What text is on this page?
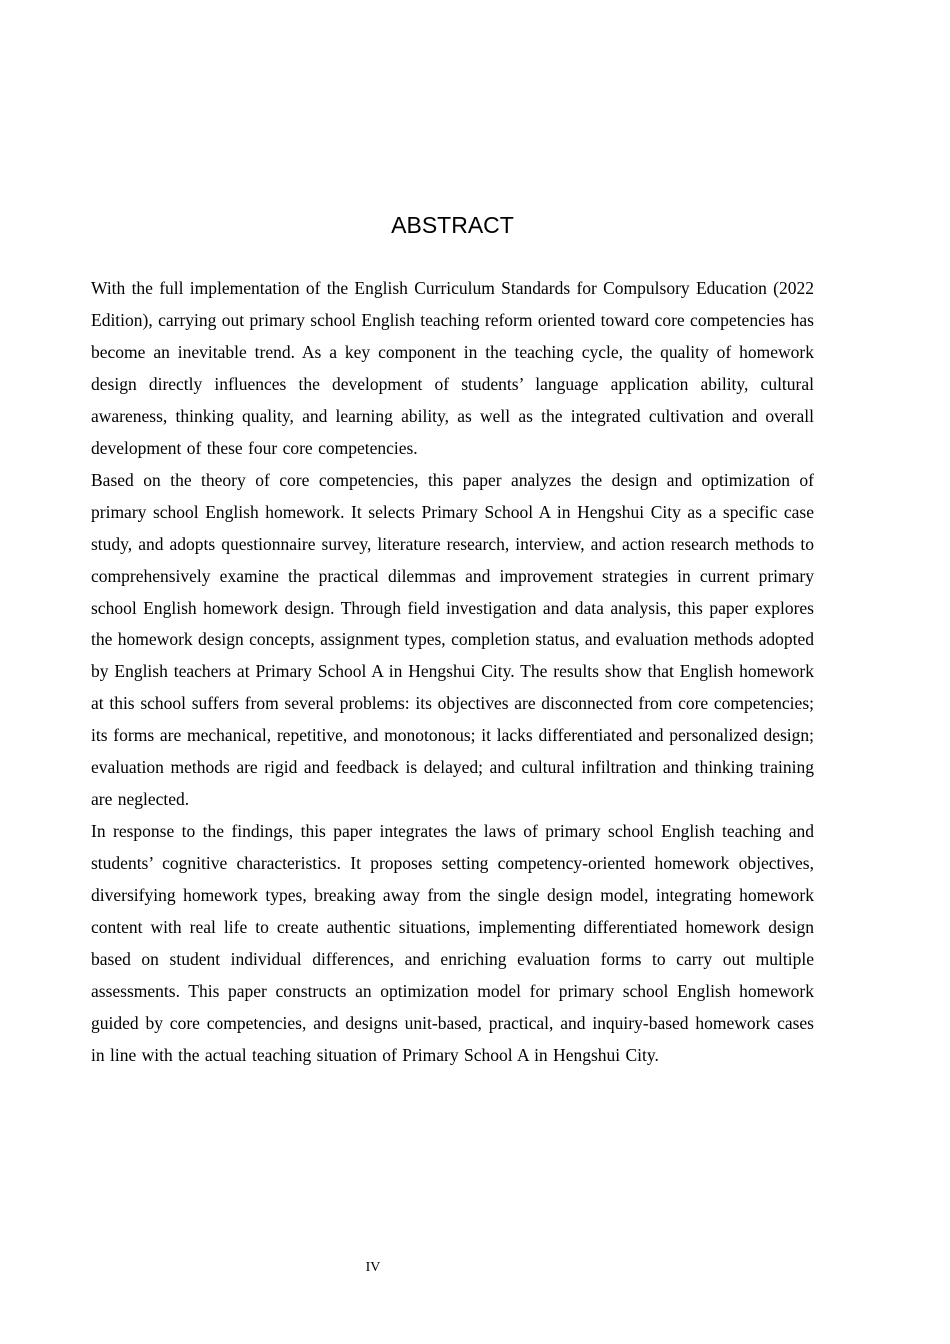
ABSTRACT

With the full implementation of the English Curriculum Standards for Compulsory Education (2022 Edition), carrying out primary school English teaching reform oriented toward core competencies has become an inevitable trend. As a key component in the teaching cycle, the quality of homework design directly influences the development of students’ language application ability, cultural awareness, thinking quality, and learning ability, as well as the integrated cultivation and overall development of these four core competencies.

Based on the theory of core competencies, this paper analyzes the design and optimization of primary school English homework. It selects Primary School A in Hengshui City as a specific case study, and adopts questionnaire survey, literature research, interview, and action research methods to comprehensively examine the practical dilemmas and improvement strategies in current primary school English homework design. Through field investigation and data analysis, this paper explores the homework design concepts, assignment types, completion status, and evaluation methods adopted by English teachers at Primary School A in Hengshui City. The results show that English homework at this school suffers from several problems: its objectives are disconnected from core competencies; its forms are mechanical, repetitive, and monotonous; it lacks differentiated and personalized design; evaluation methods are rigid and feedback is delayed; and cultural infiltration and thinking training are neglected.

In response to the findings, this paper integrates the laws of primary school English teaching and students’ cognitive characteristics. It proposes setting competency-oriented homework objectives, diversifying homework types, breaking away from the single design model, integrating homework content with real life to create authentic situations, implementing differentiated homework design based on student individual differences, and enriching evaluation forms to carry out multiple assessments. This paper constructs an optimization model for primary school English homework guided by core competencies, and designs unit-based, practical, and inquiry-based homework cases in line with the actual teaching situation of Primary School A in Hengshui City.

IV
